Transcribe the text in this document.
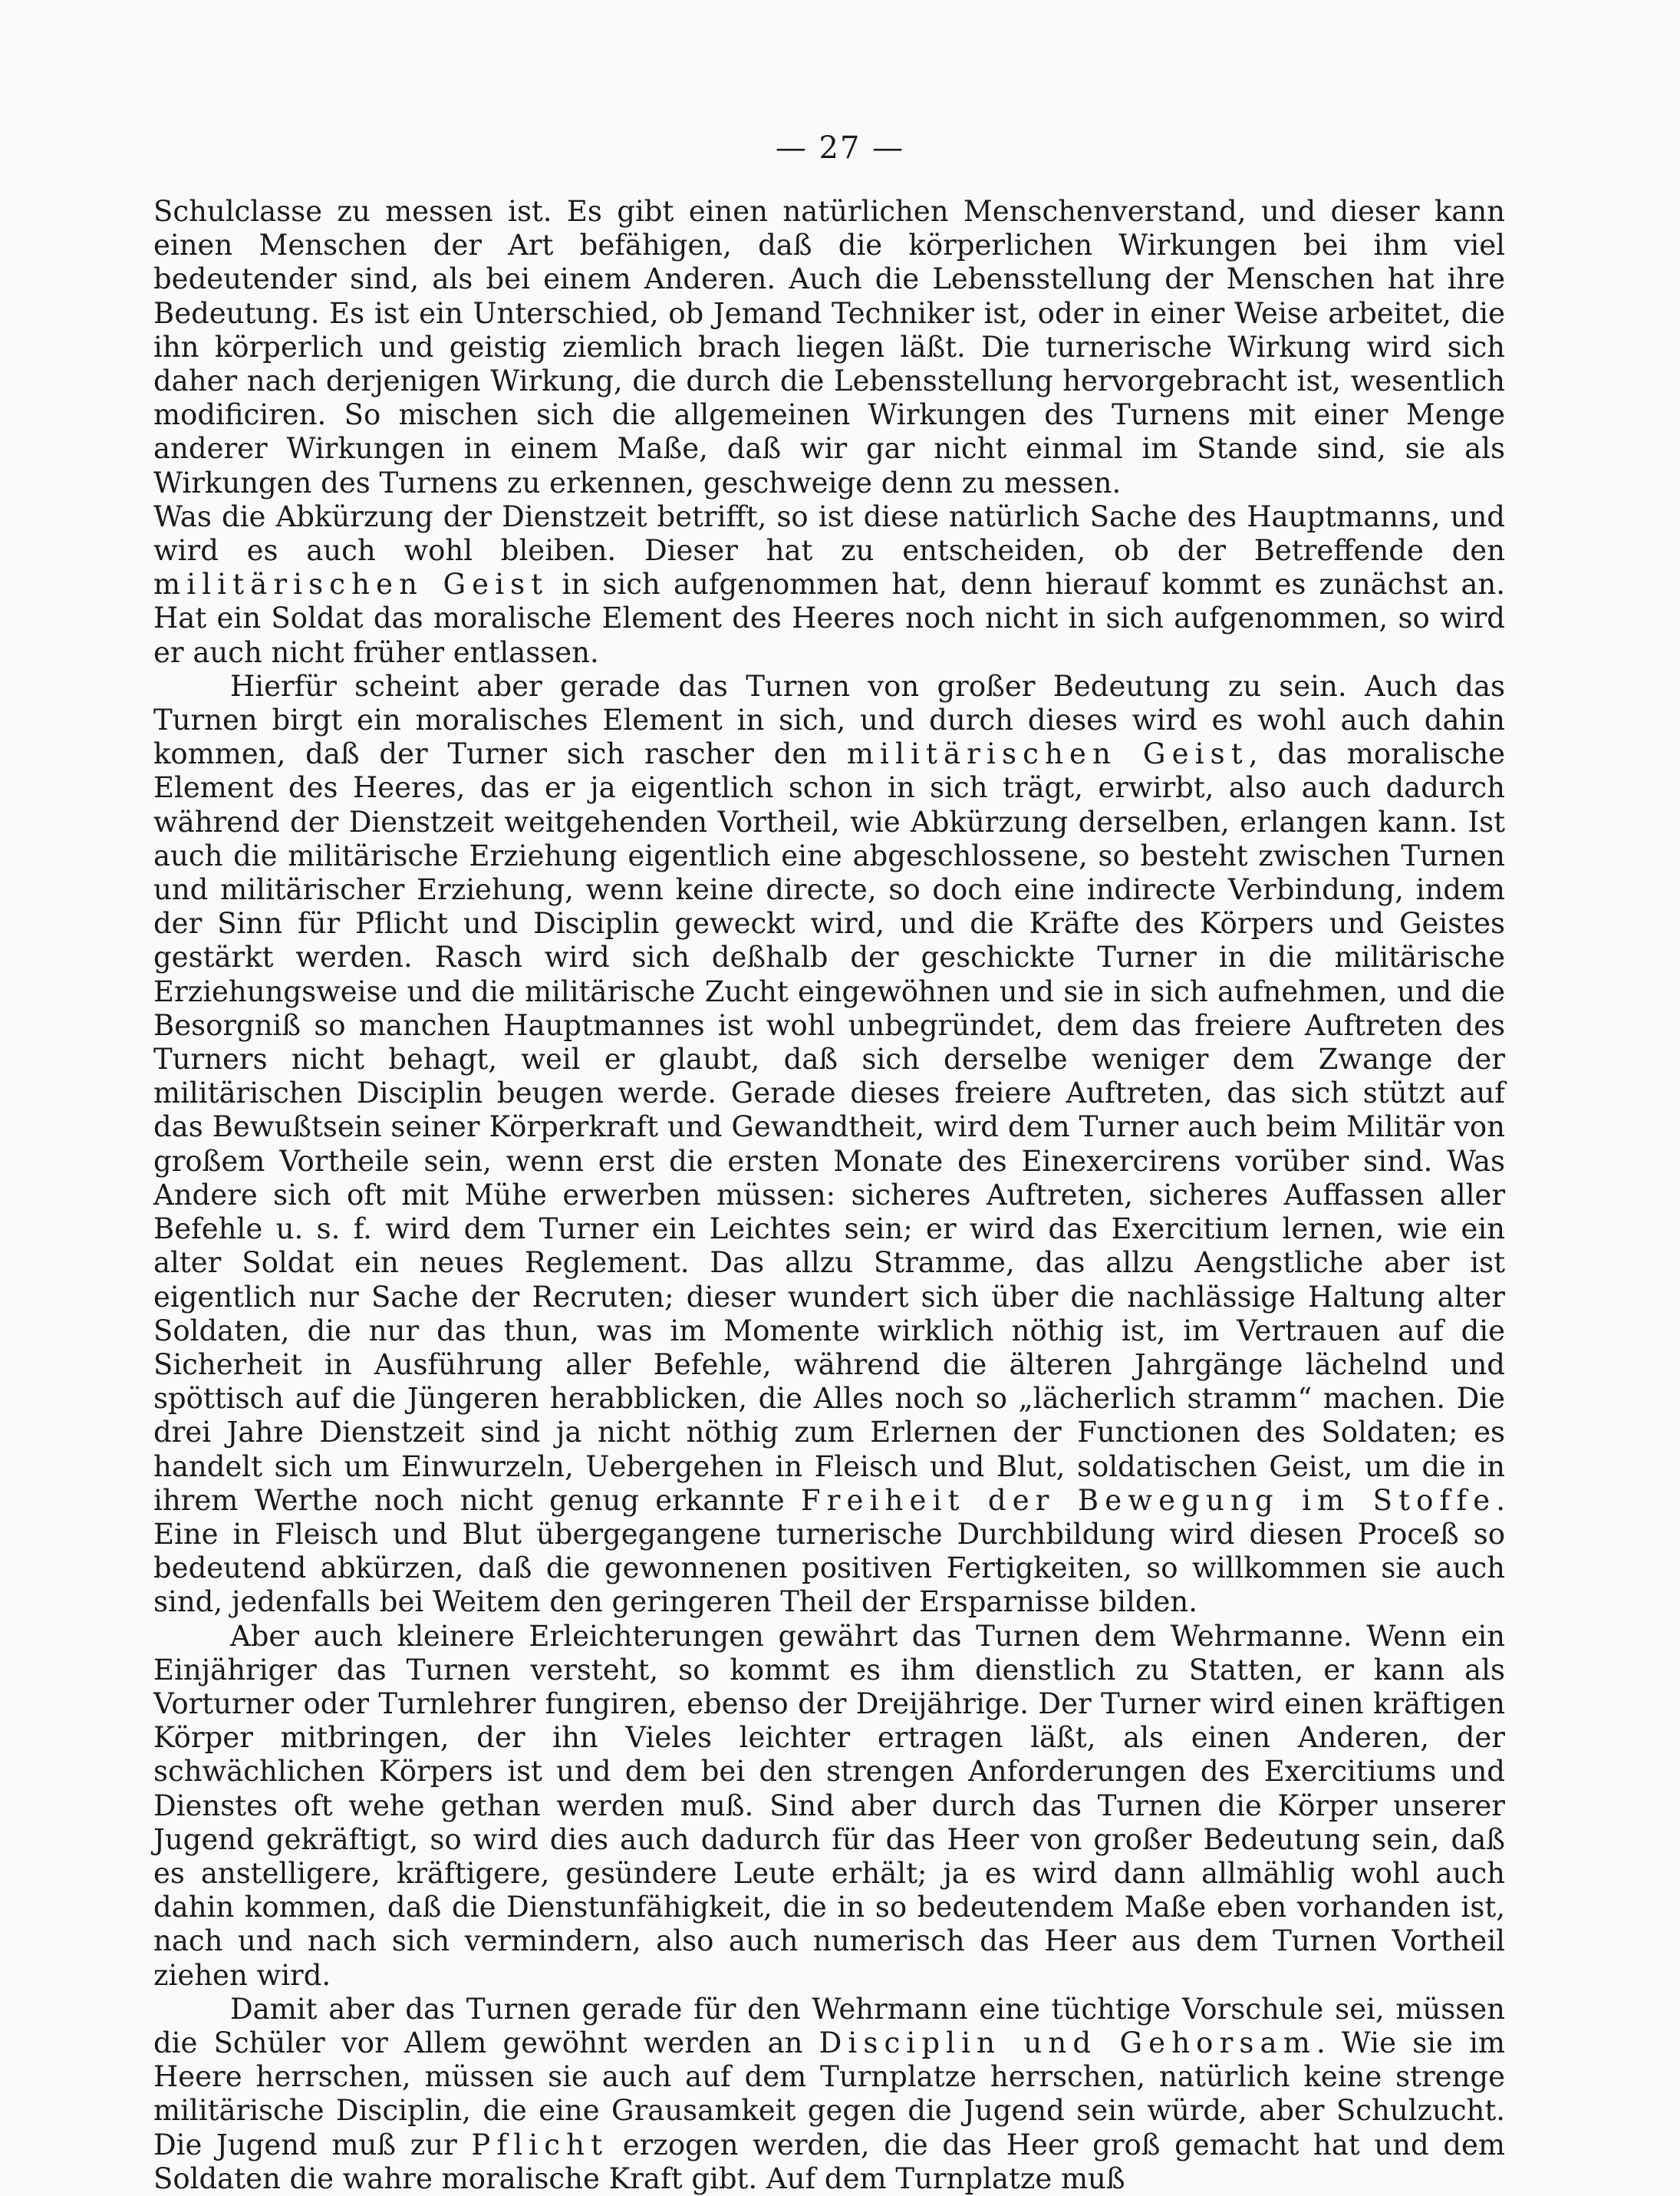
— 27 —

Schulclasse zu messen ist. Es gibt einen natürlichen Menschenverstand, und dieser kann einen Menschen der Art befähigen, daß die körperlichen Wirkungen bei ihm viel bedeutender sind, als bei einem Anderen. Auch die Lebensstellung der Menschen hat ihre Bedeutung. Es ist ein Unterschied, ob Jemand Techniker ist, oder in einer Weise arbeitet, die ihn körperlich und geistig ziemlich brach liegen läßt. Die turnerische Wirkung wird sich daher nach derjenigen Wirkung, die durch die Lebensstellung hervorgebracht ist, wesentlich modificiren. So mischen sich die allgemeinen Wirkungen des Turnens mit einer Menge anderer Wirkungen in einem Maße, daß wir gar nicht einmal im Stande sind, sie als Wirkungen des Turnens zu erkennen, geschweige denn zu messen.

Was die Abkürzung der Dienstzeit betrifft, so ist diese natürlich Sache des Hauptmanns, und wird es auch wohl bleiben. Dieser hat zu entscheiden, ob der Betreffende den militärischen Geist in sich aufgenommen hat, denn hierauf kommt es zunächst an. Hat ein Soldat das moralische Element des Heeres noch nicht in sich aufgenommen, so wird er auch nicht früher entlassen.

Hierfür scheint aber gerade das Turnen von großer Bedeutung zu sein. Auch das Turnen birgt ein moralisches Element in sich, und durch dieses wird es wohl auch dahin kommen, daß der Turner sich rascher den militärischen Geist, das moralische Element des Heeres, das er ja eigentlich schon in sich trägt, erwirbt, also auch dadurch während der Dienstzeit weitgehenden Vortheil, wie Abkürzung derselben, erlangen kann. Ist auch die militärische Erziehung eigentlich eine abgeschlossene, so besteht zwischen Turnen und militärischer Erziehung, wenn keine directe, so doch eine indirecte Verbindung, indem der Sinn für Pflicht und Disciplin geweckt wird, und die Kräfte des Körpers und Geistes gestärkt werden. Rasch wird sich deßhalb der geschickte Turner in die militärische Erziehungsweise und die militärische Zucht eingewöhnen und sie in sich aufnehmen, und die Besorgniß so manchen Hauptmannes ist wohl unbegründet, dem das freiere Auftreten des Turners nicht behagt, weil er glaubt, daß sich derselbe weniger dem Zwange der militärischen Disciplin beugen werde. Gerade dieses freiere Auftreten, das sich stützt auf das Bewußtsein seiner Körperkraft und Gewandtheit, wird dem Turner auch beim Militär von großem Vortheile sein, wenn erst die ersten Monate des Einexercirens vorüber sind. Was Andere sich oft mit Mühe erwerben müssen: sicheres Auftreten, sicheres Auffassen aller Befehle u. s. f. wird dem Turner ein Leichtes sein; er wird das Exercitium lernen, wie ein alter Soldat ein neues Reglement. Das allzu Stramme, das allzu Aengstliche aber ist eigentlich nur Sache der Recruten; dieser wundert sich über die nachlässige Haltung alter Soldaten, die nur das thun, was im Momente wirklich nöthig ist, im Vertrauen auf die Sicherheit in Ausführung aller Befehle, während die älteren Jahrgänge lächelnd und spöttisch auf die Jüngeren herabblicken, die Alles noch so „lächerlich stramm“ machen. Die drei Jahre Dienstzeit sind ja nicht nöthig zum Erlernen der Functionen des Soldaten; es handelt sich um Einwurzeln, Uebergehen in Fleisch und Blut, soldatischen Geist, um die in ihrem Werthe noch nicht genug erkannte Freiheit der Bewegung im Stoffe. Eine in Fleisch und Blut übergegangene turnerische Durchbildung wird diesen Proceß so bedeutend abkürzen, daß die gewonnenen positiven Fertigkeiten, so willkommen sie auch sind, jedenfalls bei Weitem den geringeren Theil der Ersparnisse bilden.

Aber auch kleinere Erleichterungen gewährt das Turnen dem Wehrmanne. Wenn ein Einjähriger das Turnen versteht, so kommt es ihm dienstlich zu Statten, er kann als Vorturner oder Turnlehrer fungiren, ebenso der Dreijährige. Der Turner wird einen kräftigen Körper mitbringen, der ihn Vieles leichter ertragen läßt, als einen Anderen, der schwächlichen Körpers ist und dem bei den strengen Anforderungen des Exercitiums und Dienstes oft wehe gethan werden muß. Sind aber durch das Turnen die Körper unserer Jugend gekräftigt, so wird dies auch dadurch für das Heer von großer Bedeutung sein, daß es anstelligere, kräftigere, gesündere Leute erhält; ja es wird dann allmählig wohl auch dahin kommen, daß die Dienstunfähigkeit, die in so bedeutendem Maße eben vorhanden ist, nach und nach sich vermindern, also auch numerisch das Heer aus dem Turnen Vortheil ziehen wird.

Damit aber das Turnen gerade für den Wehrmann eine tüchtige Vorschule sei, müssen die Schüler vor Allem gewöhnt werden an Disciplin und Gehorsam. Wie sie im Heere herrschen, müssen sie auch auf dem Turnplatze herrschen, natürlich keine strenge militärische Disciplin, die eine Grausamkeit gegen die Jugend sein würde, aber Schulzucht. Die Jugend muß zur Pflicht erzogen werden, die das Heer groß gemacht hat und dem Soldaten die wahre moralische Kraft gibt. Auf dem Turnplatze muß
